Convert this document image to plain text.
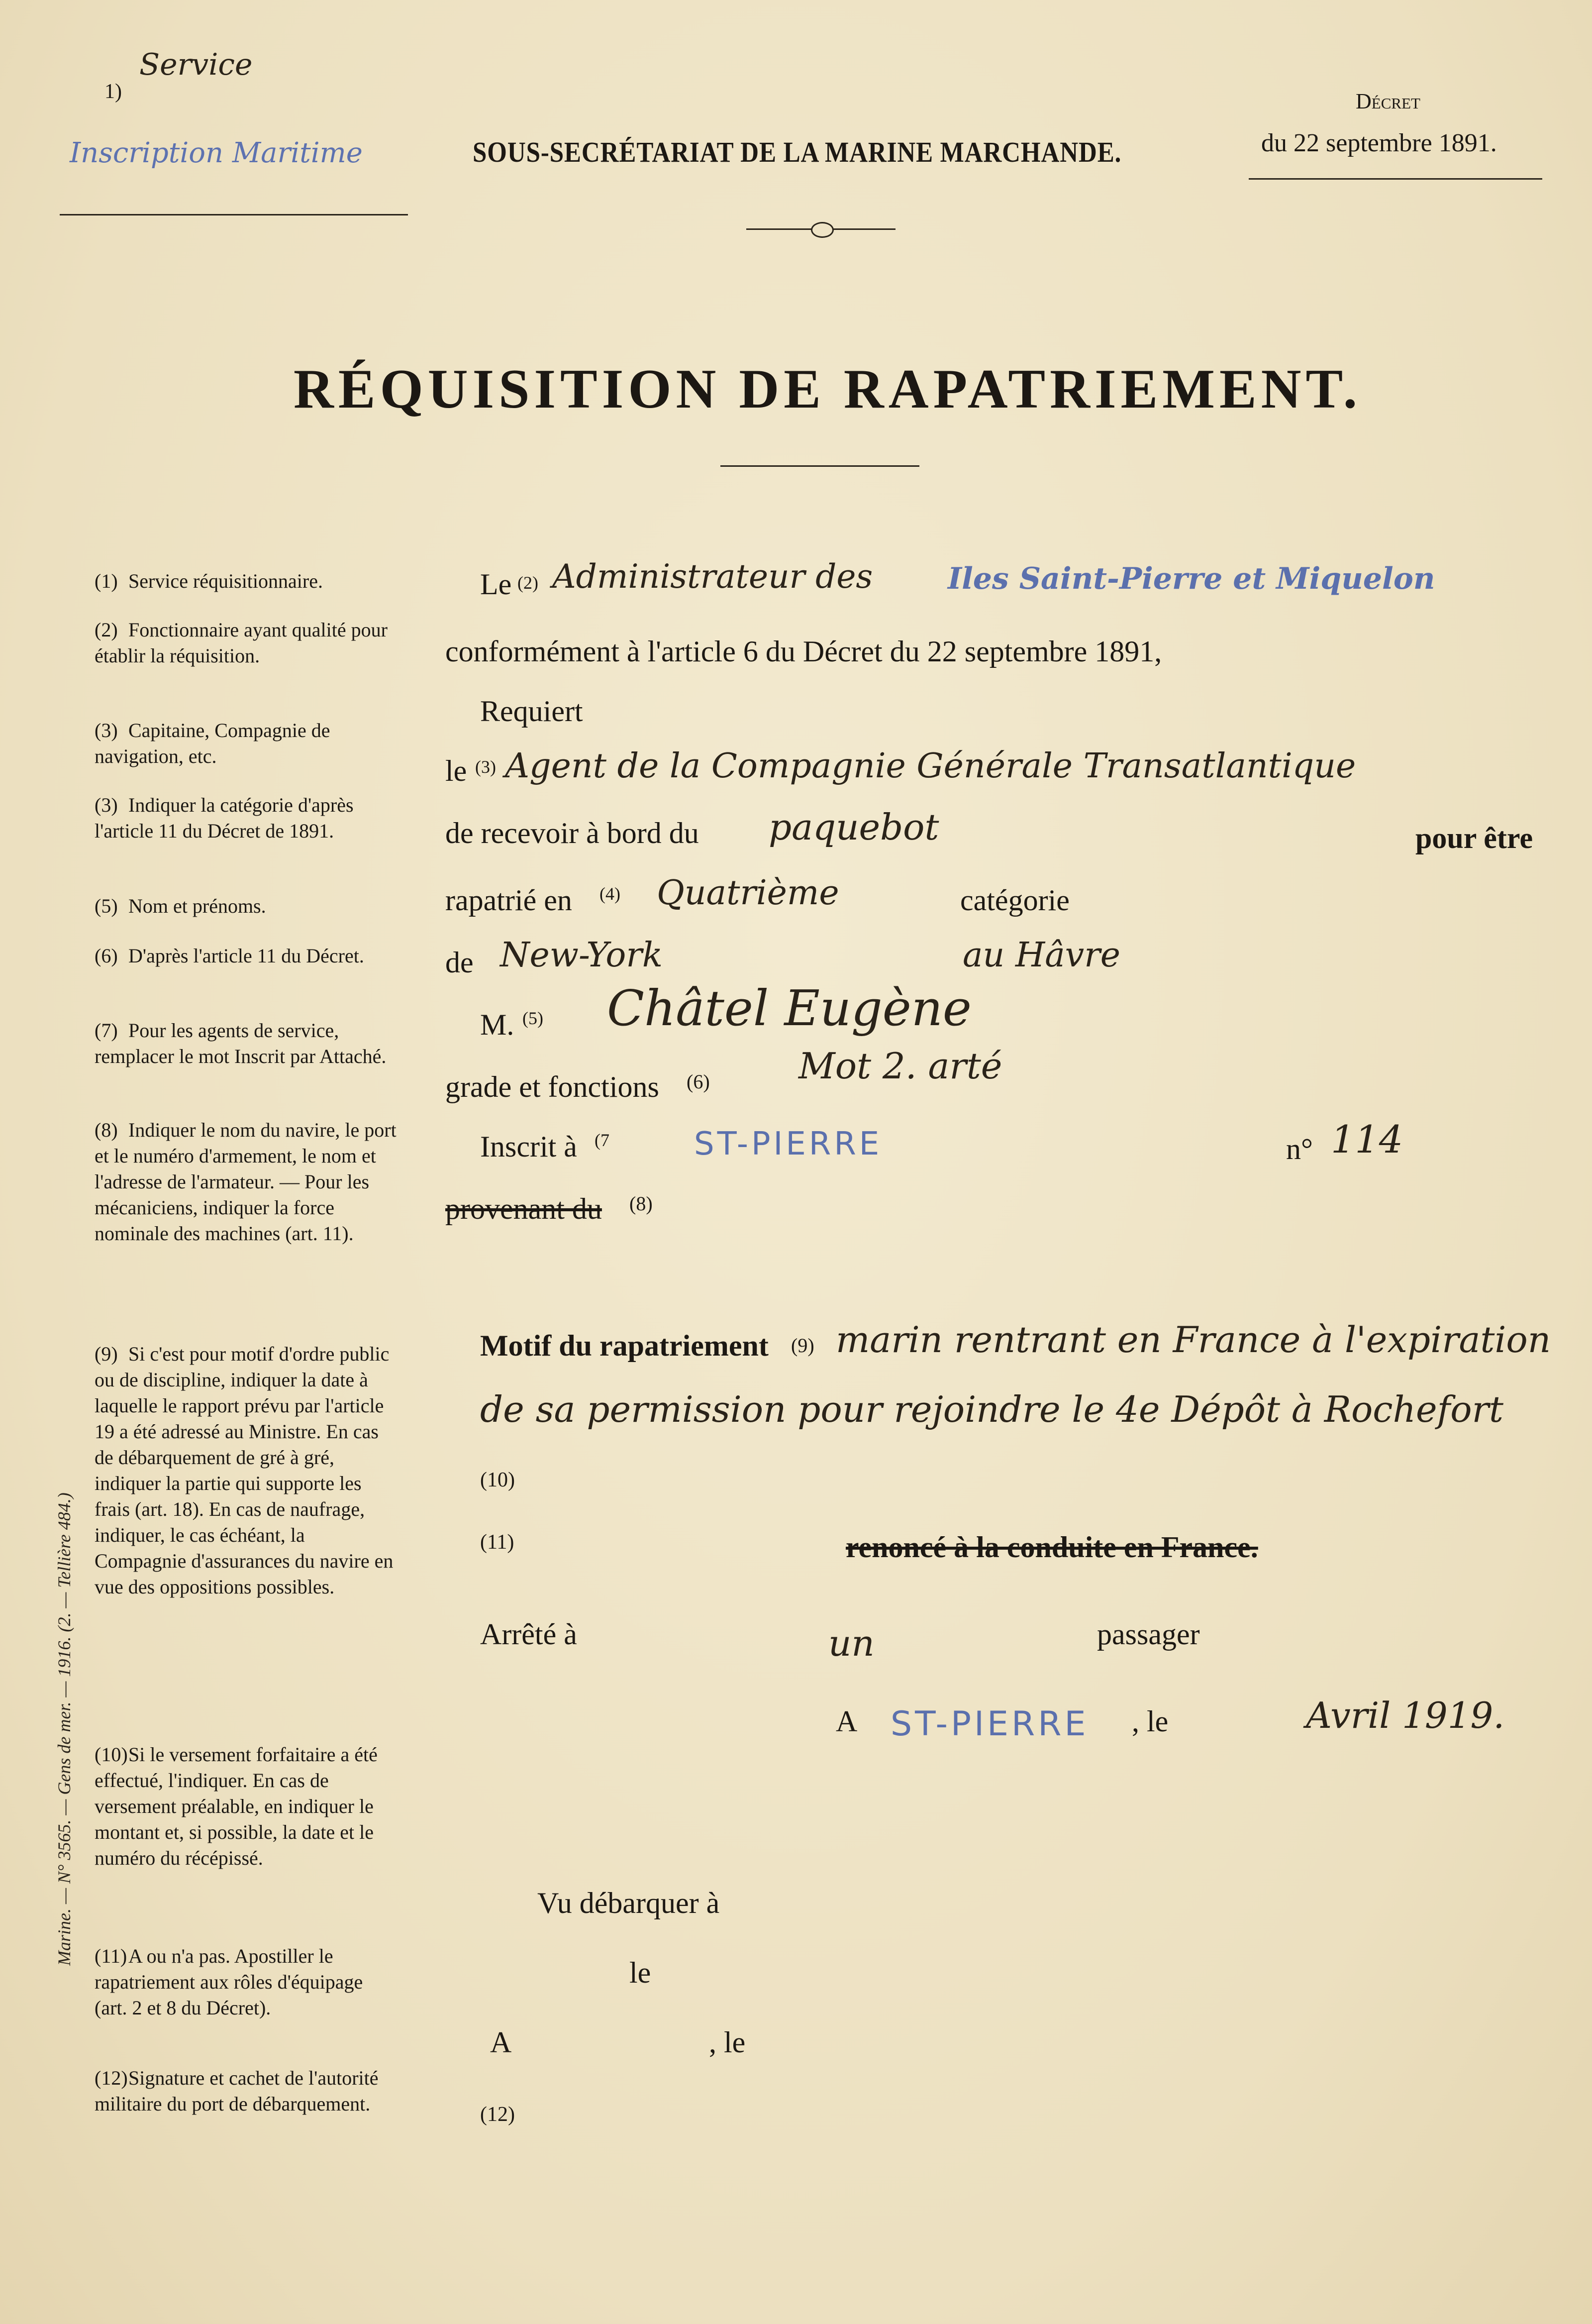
1)
Service
Inscription Maritime	SOUS-SECRÉTARIAT DE LA MARINE MARCHANDE.
Décret
du 22 septembre 1891.
RÉQUISITION DE RAPATRIEMENT.
Marine. — N° 3565. — Gens de mer. — 1916. (2. — Tellière 484.)
(1) Service réquisitionnaire.
(2) Fonctionnaire ayant qualité pour établir la réquisition.
(3) Capitaine, Compagnie de navigation, etc.
(3) Indiquer la catégorie d'après l'article 11 du Décret de 1891.
(5) Nom et prénoms.
(6) D'après l'article 11 du Décret.
(7) Pour les agents de service, remplacer le mot Inscrit par Attaché.
(8) Indiquer le nom du navire, le port et le numéro d'armement, le nom et l'adresse de l'armateur. — Pour les mécaniciens, indiquer la force nominale des machines (art. 11).
(9) Si c'est pour motif d'ordre public ou de discipline, indiquer la date à laquelle le rapport prévu par l'article 19 a été adressé au Ministre. En cas de débarquement de gré à gré, indiquer la partie qui supporte les frais (art. 18). En cas de naufrage, indiquer, le cas échéant, la Compagnie d'assurances du navire en vue des oppositions possibles.
(10)Si le versement forfaitaire a été effectué, l'indiquer. En cas de versement préalable, en indiquer le montant et, si possible, la date et le numéro du récépissé.
(11)A ou n'a pas. Apostiller le rapatriement aux rôles d'équipage (art. 2 et 8 du Décret).
(12)Signature et cachet de l'autorité militaire du port de débarquement.
Le (2) Administrateur des	Iles Saint-Pierre et Miquelon
conformément à l'article 6 du Décret du 22 septembre 1891,
Requiert
le (3) Agent de la Compagnie Générale Transatlantique
de recevoir à bord du paquebot	pour être
rapatrié en (4) Quatrième	catégorie
de New-York	au Hâvre
M. (5) Châtel Eugène
grade et fonctions (6) Mot 2. arté
Inscrit à (7	ST-PIERRE	n° 114
provenant du (8)
Motif du rapatriement (9) marin rentrant en France à l'expiration
de sa permission pour rejoindre le 4e Dépôt à Rochefort
(10)
(11)	renoncé à la conduite en France.
Arrêté à	un	passager
A ST-PIERRE , le	Avril 1919.
Vu débarquer à
le
A	, le
(12)
